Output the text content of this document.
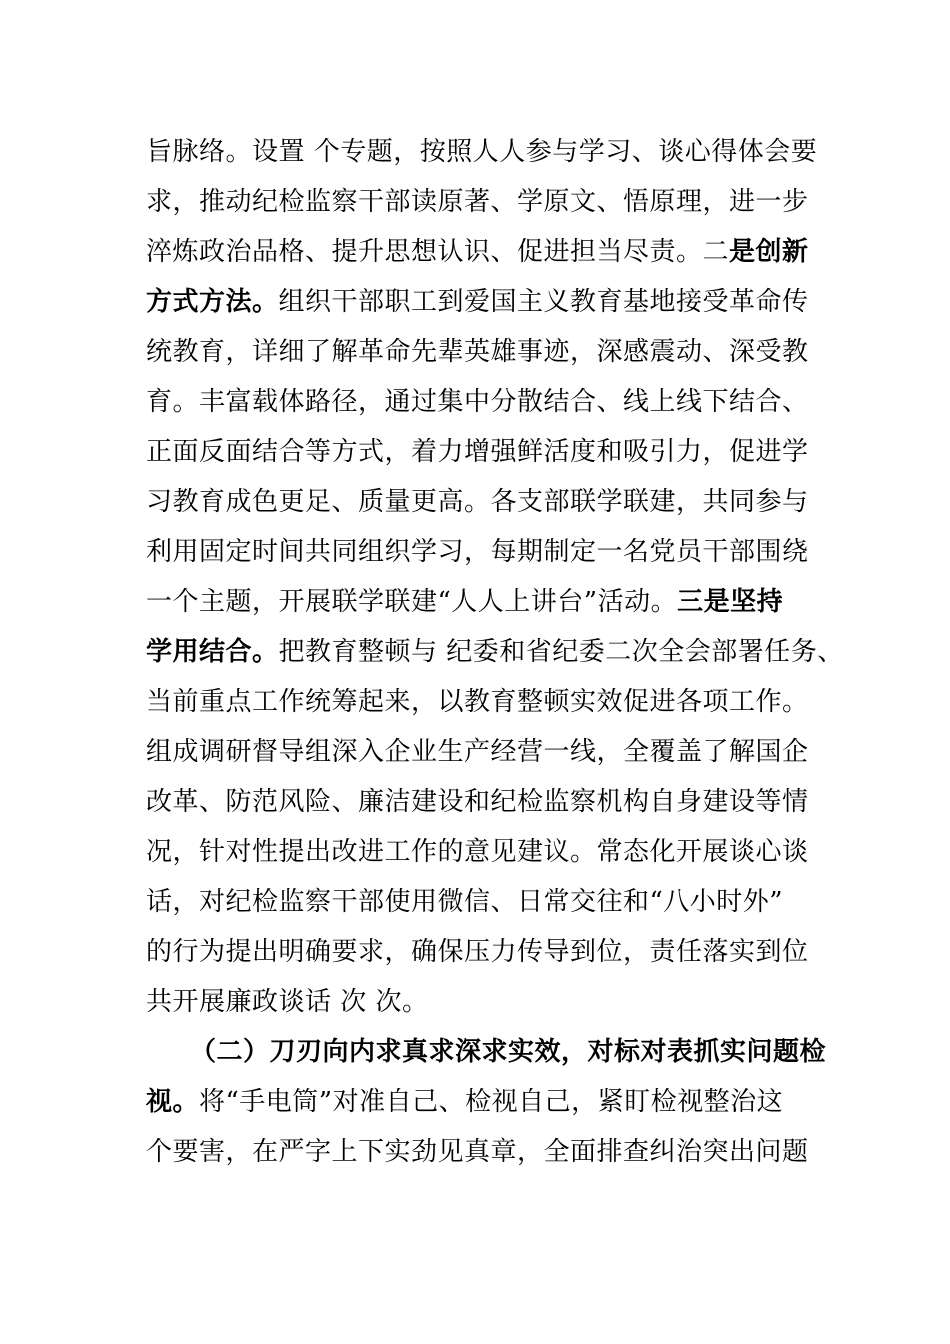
旨脉络。设置 个专题，按照人人参与学习、谈心得体会要
求，推动纪检监察干部读原著、学原文、悟原理，进一步
淬炼政治品格、提升思想认识、促进担当尽责。二是创新
方式方法。组织干部职工到爱国主义教育基地接受革命传
统教育，详细了解革命先辈英雄事迹，深感震动、深受教
育。丰富载体路径，通过集中分散结合、线上线下结合、
正面反面结合等方式，着力增强鲜活度和吸引力，促进学
习教育成色更足、质量更高。各支部联学联建，共同参与
利用固定时间共同组织学习，每期制定一名党员干部围绕
一个主题，开展联学联建“人人上讲台”活动。三是坚持
学用结合。把教育整顿与 纪委和省纪委二次全会部署任务、
当前重点工作统筹起来，以教育整顿实效促进各项工作。
组成调研督导组深入企业生产经营一线，全覆盖了解国企
改革、防范风险、廉洁建设和纪检监察机构自身建设等情
况，针对性提出改进工作的意见建议。常态化开展谈心谈
话，对纪检监察干部使用微信、日常交往和“八小时外”
的行为提出明确要求，确保压力传导到位，责任落实到位
共开展廉政谈话 次 次。
（二）刀刃向内求真求深求实效，对标对表抓实问题检
视。将“手电筒”对准自己、检视自己，紧盯检视整治这
个要害，在严字上下实劲见真章，全面排查纠治突出问题
